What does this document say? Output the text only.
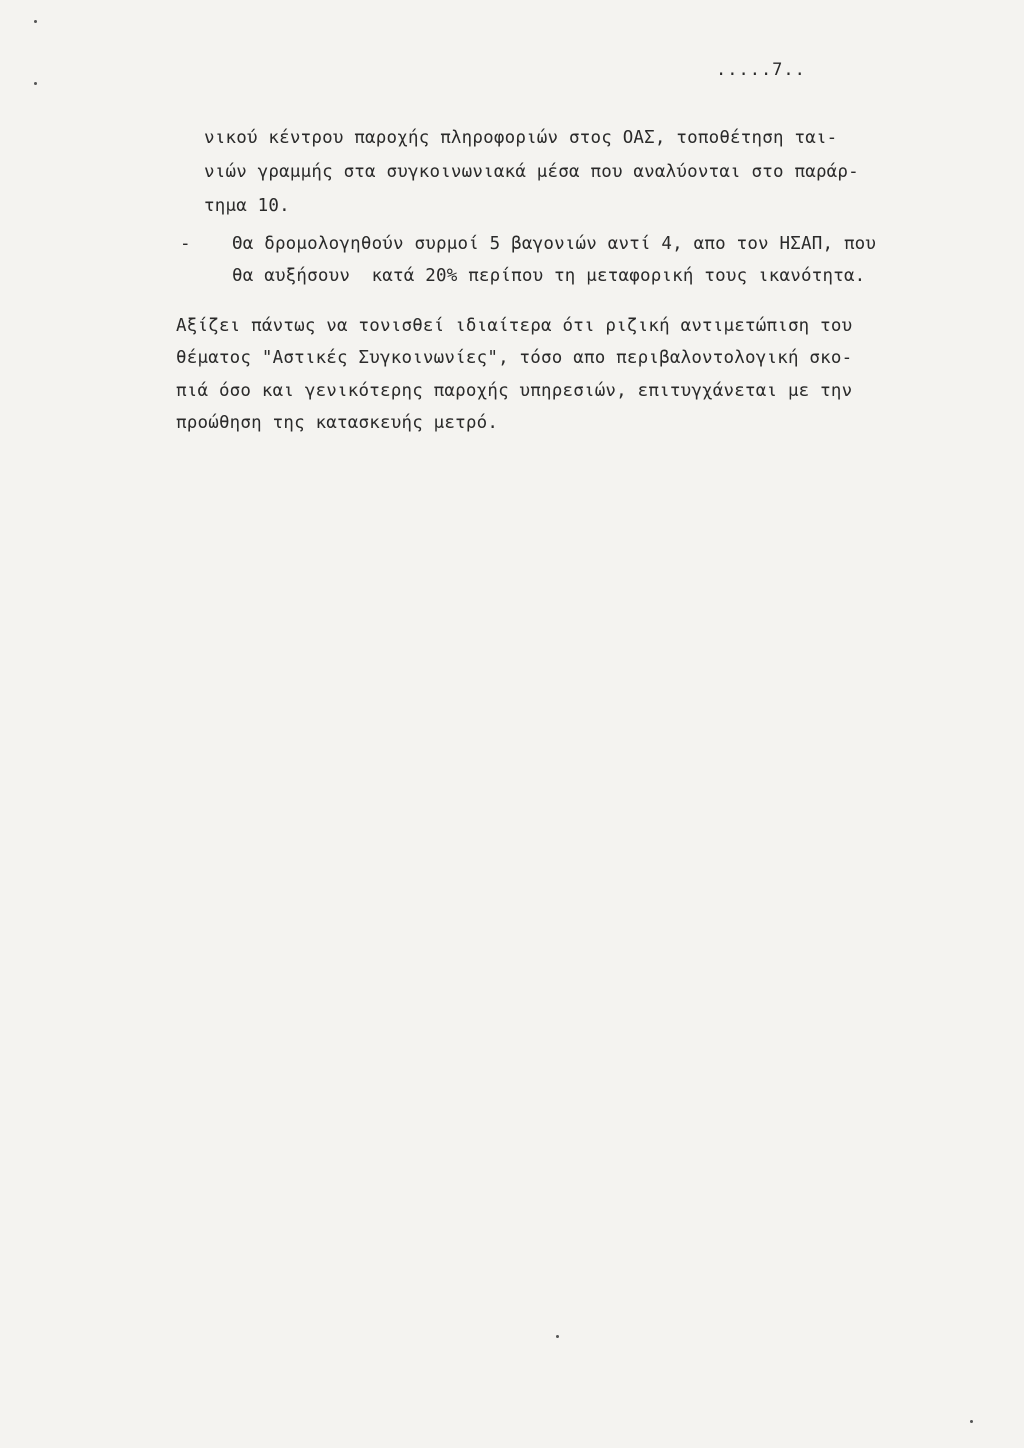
.....7..
νικού κέντρου παροχής πληροφοριών στος ΟΑΣ, τοποθέτηση ται-
νιών γραμμής στα συγκοινωνιακά μέσα που αναλύονται στο παράρ-
τημα 10.
- Θα δρομολογηθούν συρμοί 5 βαγονιών αντί 4, απο τον ΗΣΑΠ, που
θα αυξήσουν  κατά 20% περίπου τη μεταφορική τους ικανότητα.
Αξίζει πάντως να τονισθεί ιδιαίτερα ότι ριζική αντιμετώπιση του
θέματος "Αστικές Συγκοινωνίες", τόσο απο περιβαλοντολογική σκο-
πιά όσο και γενικότερης παροχής υπηρεσιών, επιτυγχάνεται με την
προώθηση της κατασκευής μετρό.
